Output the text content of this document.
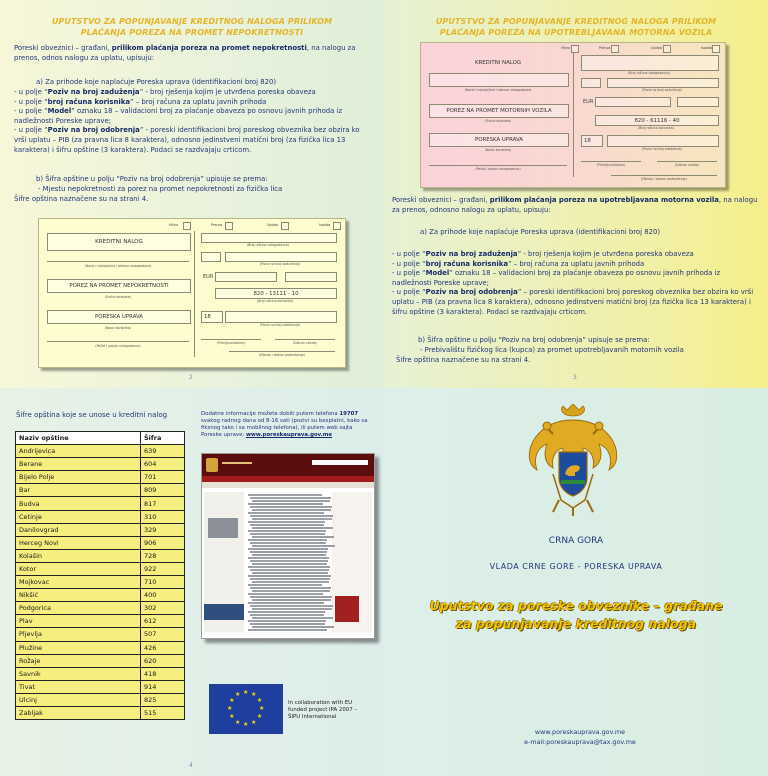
UPUTSTVO ZA POPUNJAVANJE KREDITNOG NALOGA PRILIKOM PLAĆANJA POREZA NA PROMET NEPOKRETNOSTI
Poreski obveznici – građani, prilikom plaćanja poreza na promet nepokretnosti, na nalogu za prenos, odnos nalogu za uplatu, upisuju:
a) Za prihode koje naplaćuje Poreska uprava (identifikacioni broj 820)
- u polje “Poziv na broj zaduženja” - broj rješenja kojim je utvrđena poreska obaveza
- u polje “broj računa korisnika” – broj računa za uplatu javnih prihoda
- u polje “Model” oznaku 18 – validacioni broj za plaćanje obaveza po osnovu javnih prihoda iz nadležnosti Poreske uprave;
- u polje “Poziv na broj odobrenja” - poreski identifikacioni broj poreskog obveznika bez obzira ko vrši uplatu – PIB (za pravna lica 8 karaktera), odnosno jedinstveni matični broj (za fizička lica 13 karaktera) i šifru opštine (3 karaktera). Podaci se razdvajaju crticom.
b) Šifra opštine u polju “Poziv na broj odobrenja” upisuje se prema:
- Mjestu nepokretnosti za porez na promet nepokretnosti za fizička lica
Šifre opština naznačene su na strani 4.
Hitno	Prenos	Uplata	Isplata
KREDITNI NALOG
(Naziv i mjesto/ime i adresa nalogodavca)
POREZ NA PROMET NEPOKRETNOSTI
(Svrha doznake)
PORESKA UPRAVA
(Naziv korisnika)
(Pečat i potpis nalogodavca)
(Broj računa nalogodavca)
(Poziv na broj zaduženja)
EUR
820 - 13111 - 10
(Broj računa korisnika)
18
(Poziv na broj odobrenja)
(Primljeno/datum)	(Datum valute)
(Mjesto i datum podnošenja)
2
UPUTSTVO ZA POPUNJAVANJE KREDITNOG NALOGA PRILIKOM PLAĆANJA POREZA NA UPOTREBLJAVANA MOTORNA VOZILA
Hitno	Prenos	Uplata	Isplata
KREDITNI NALOG
(Naziv i mjesto/ime i adresa nalogodavca)
POREZ NA PROMET MOTORNIH VOZILA
(Svrha doznake)
PORESKA UPRAVA
(Naziv korisnika)
(Pečat i potpis nalogodavca)
(Broj računa nalogodavca)
(Poziv na broj zaduženja)
EUR
820 - 61116 - 40
(Broj računa korisnika)
18
(Poziv na broj odobrenja)
(Primljeno/datum)	(Datum valute)
(Mjesto i datum podnošenja)
Poreski obveznici – građani, prilikom plaćanja poreza na upotrebljavana motorna vozila, na nalogu za prenos, odnosno nalogu za uplatu, upisuju:
a) Za prihode koje naplaćuje Poreska uprava (identifikacioni broj 820)
- u polje “Poziv na broj zaduženja” - broj rješenja kojim je utvrđena poreska obaveza
- u polje “broj računa korisnika” – broj računa za uplatu javnih prihoda
- u polje “Model” oznaku 18 – validacioni broj za plaćanje obaveza po osnovu javnih prihoda iz nadležnosti Poreske uprave;
- u polje “Poziv na broj odobrenja” – poreski identifikacioni broj poreskog obveznika bez obzira ko vrši uplatu – PIB (za pravna lica 8 karaktera), odnosno jedinstveni matični broj (za fizička lica 13 karaktera) i šifru opštine (3 karaktera). Podaci se razdvajaju crticom.
b) Šifra opštine u polju “Poziv na broj odobrenja” upisuje se prema:
- Prebivalištu fizičkog lica (kupca) za promet upotrebljavanih motornih vozila
Šifre opština naznačene su na strani 4.
3
Šifre opština koje se unose u kreditni nalog
Naziv opštine	Šifra
Andrijevica	639
Berane	604
Bijelo Polje	701
Bar	809
Budva	817
Cetinje	310
Danilovgrad	329
Herceg Novi	906
Kolašin	728
Kotor	922
Mojkovac	710
Nikšić	400
Podgorica	302
Plav	612
Pljevlja	507
Plužine	426
Rožaje	620
Savnik	418
Tivat	914
Ulcinj	825
Zabljak	515
Dodatne informacije možete dobiti putem telefona 19707 svakog radnog dana od 8-16 sati (pozivi su besplatni, kako sa fiksnog tako i sa mobilnog telefona), ili putem web sajta Poreske uprave: www.poreskauprava.gov.me
★
★
★
★
★
★
★
★
★ ★ ★
★	In collaboration with EU funded project IPA 2007 – ŠIPU International
4
CRNA GORA
VLADA CRNE GORE - PORESKA UPRAVA
Uputstvo za poreske obveznike – građane
za popunjavanje kreditnog naloga
www.poreskauprava.gov.me
e-mail:poreskauprava@tax.gov.me
